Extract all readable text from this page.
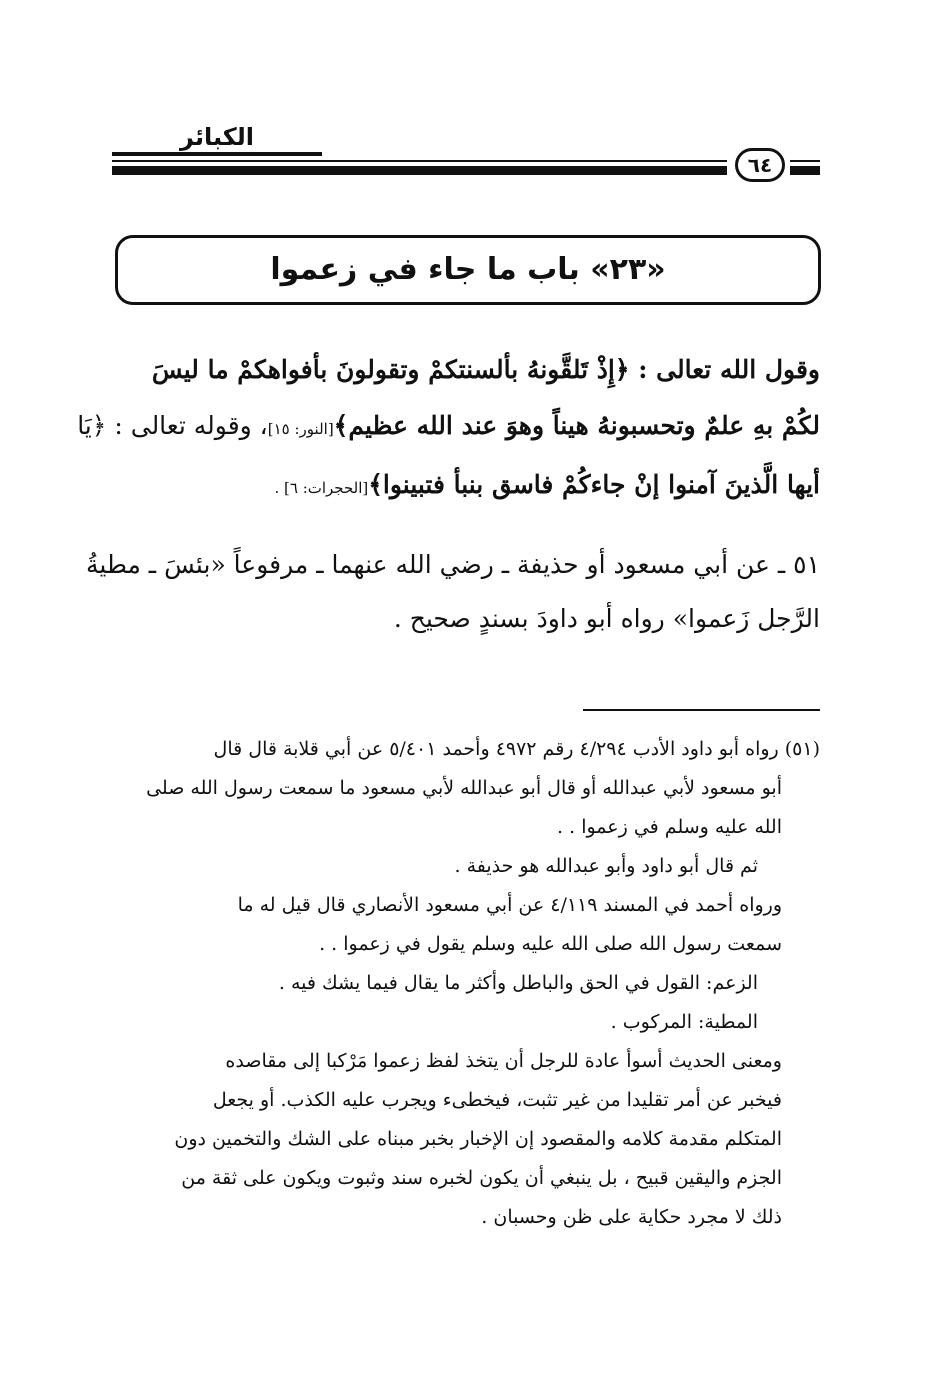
الكبائر
٦٤
«٢٣» باب ما جاء في زعموا
وقول الله تعالى : ﴿إِذْ تَلقَّونهُ بألسنتكمْ وتقولونَ بأفواهكمْ ما ليسَ
لكُمْ بهِ علمٌ وتحسبونهُ هيناً وهوَ عند الله عظيم﴾[النور: ١٥]، وقوله تعالى : ﴿يَا
أيها الَّذينَ آمنوا إنْ جاءكُمْ فاسق بنبأ فتبينوا﴾[الحجرات: ٦] .
٥١ ـ عن أبي مسعود أو حذيفة ـ رضي الله عنهما ـ مرفوعاً «بئسَ ـ مطيةُ
الرَّجل زَعموا» رواه أبو داودَ بسندٍ صحيح .
(٥١) رواه أبو داود الأدب ٤/٢٩٤ رقم ٤٩٧٢ وأحمد ٥/٤٠١ عن أبي قلابة قال قال
أبو مسعود لأبي عبدالله أو قال أبو عبدالله لأبي مسعود ما سمعت رسول الله صلى
الله عليه وسلم في زعموا . .
ثم قال أبو داود وأبو عبدالله هو حذيفة .
ورواه أحمد في المسند ٤/١١٩ عن أبي مسعود الأنصاري قال قيل له ما
سمعت رسول الله صلى الله عليه وسلم يقول في زعموا . .
الزعم: القول في الحق والباطل وأكثر ما يقال فيما يشك فيه .
المطية: المركوب .
ومعنى الحديث أسوأ عادة للرجل أن يتخذ لفظ زعموا مَرْكبا إلى مقاصده
فيخبر عن أمر تقليدا من غير تثبت، فيخطىء ويجرب عليه الكذب. أو يجعل
المتكلم مقدمة كلامه والمقصود إن الإخبار بخبر مبناه على الشك والتخمين دون
الجزم واليقين قبيح ، بل ينبغي أن يكون لخبره سند وثبوت ويكون على ثقة من
ذلك لا مجرد حكاية على ظن وحسبان .
